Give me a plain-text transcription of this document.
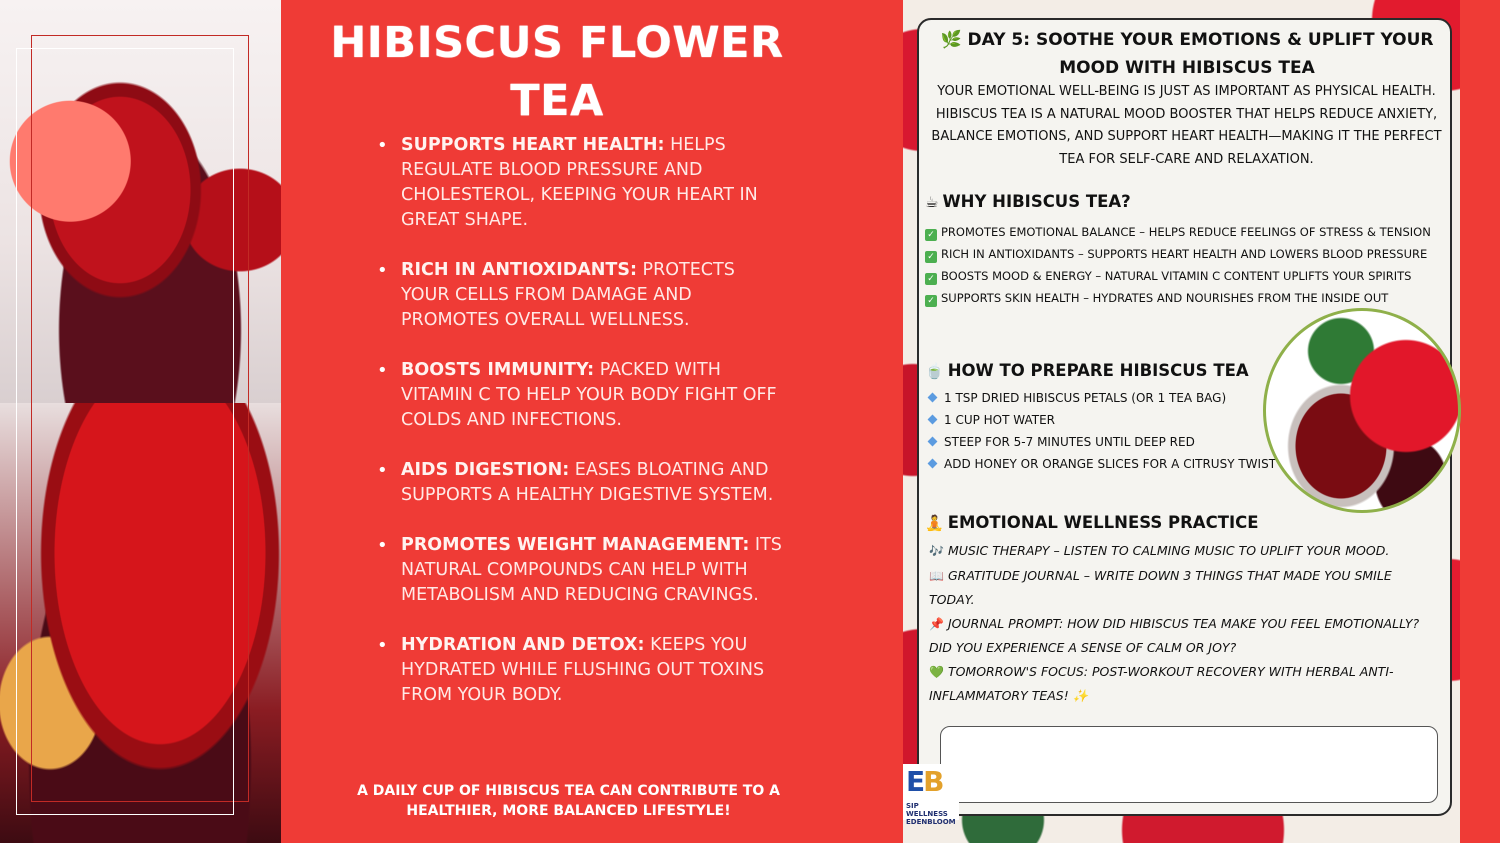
HIBISCUS FLOWER TEA
• SUPPORTS HEART HEALTH: HELPS REGULATE BLOOD PRESSURE AND CHOLESTEROL, KEEPING YOUR HEART IN GREAT SHAPE.
• RICH IN ANTIOXIDANTS: PROTECTS YOUR CELLS FROM DAMAGE AND PROMOTES OVERALL WELLNESS.
• BOOSTS IMMUNITY: PACKED WITH VITAMIN C TO HELP YOUR BODY FIGHT OFF COLDS AND INFECTIONS.
• AIDS DIGESTION: EASES BLOATING AND SUPPORTS A HEALTHY DIGESTIVE SYSTEM.
• PROMOTES WEIGHT MANAGEMENT: ITS NATURAL COMPOUNDS CAN HELP WITH METABOLISM AND REDUCING CRAVINGS.
• HYDRATION AND DETOX: KEEPS YOU HYDRATED WHILE FLUSHING OUT TOXINS FROM YOUR BODY.

A DAILY CUP OF HIBISCUS TEA CAN CONTRIBUTE TO A HEALTHIER, MORE BALANCED LIFESTYLE!

🌿 DAY 5: SOOTHE YOUR EMOTIONS & UPLIFT YOUR MOOD WITH HIBISCUS TEA

YOUR EMOTIONAL WELL-BEING IS JUST AS IMPORTANT AS PHYSICAL HEALTH. HIBISCUS TEA IS A NATURAL MOOD BOOSTER THAT HELPS REDUCE ANXIETY, BALANCE EMOTIONS, AND SUPPORT HEART HEALTH—MAKING IT THE PERFECT TEA FOR SELF-CARE AND RELAXATION.

☕ WHY HIBISCUS TEA?
✓ PROMOTES EMOTIONAL BALANCE – HELPS REDUCE FEELINGS OF STRESS & TENSION
✓ RICH IN ANTIOXIDANTS – SUPPORTS HEART HEALTH AND LOWERS BLOOD PRESSURE
✓ BOOSTS MOOD & ENERGY – NATURAL VITAMIN C CONTENT UPLIFTS YOUR SPIRITS
✓ SUPPORTS SKIN HEALTH – HYDRATES AND NOURISHES FROM THE INSIDE OUT
🍵 HOW TO PREPARE HIBISCUS TEA
1 TSP DRIED HIBISCUS PETALS (OR 1 TEA BAG)
1 CUP HOT WATER
STEEP FOR 5-7 MINUTES UNTIL DEEP RED
ADD HONEY OR ORANGE SLICES FOR A CITRUSY TWIST
🧘 EMOTIONAL WELLNESS PRACTICE

🎶 MUSIC THERAPY – LISTEN TO CALMING MUSIC TO UPLIFT YOUR MOOD.

📖 GRATITUDE JOURNAL – WRITE DOWN 3 THINGS THAT MADE YOU SMILE TODAY.

📌 JOURNAL PROMPT: HOW DID HIBISCUS TEA MAKE YOU FEEL EMOTIONALLY? DID YOU EXPERIENCE A SENSE OF CALM OR JOY?

💚 TOMORROW'S FOCUS: POST-WORKOUT RECOVERY WITH HERBAL ANTI-INFLAMMATORY TEAS! ✨

EB
SIP WELLNESS
EDENBLOOM
